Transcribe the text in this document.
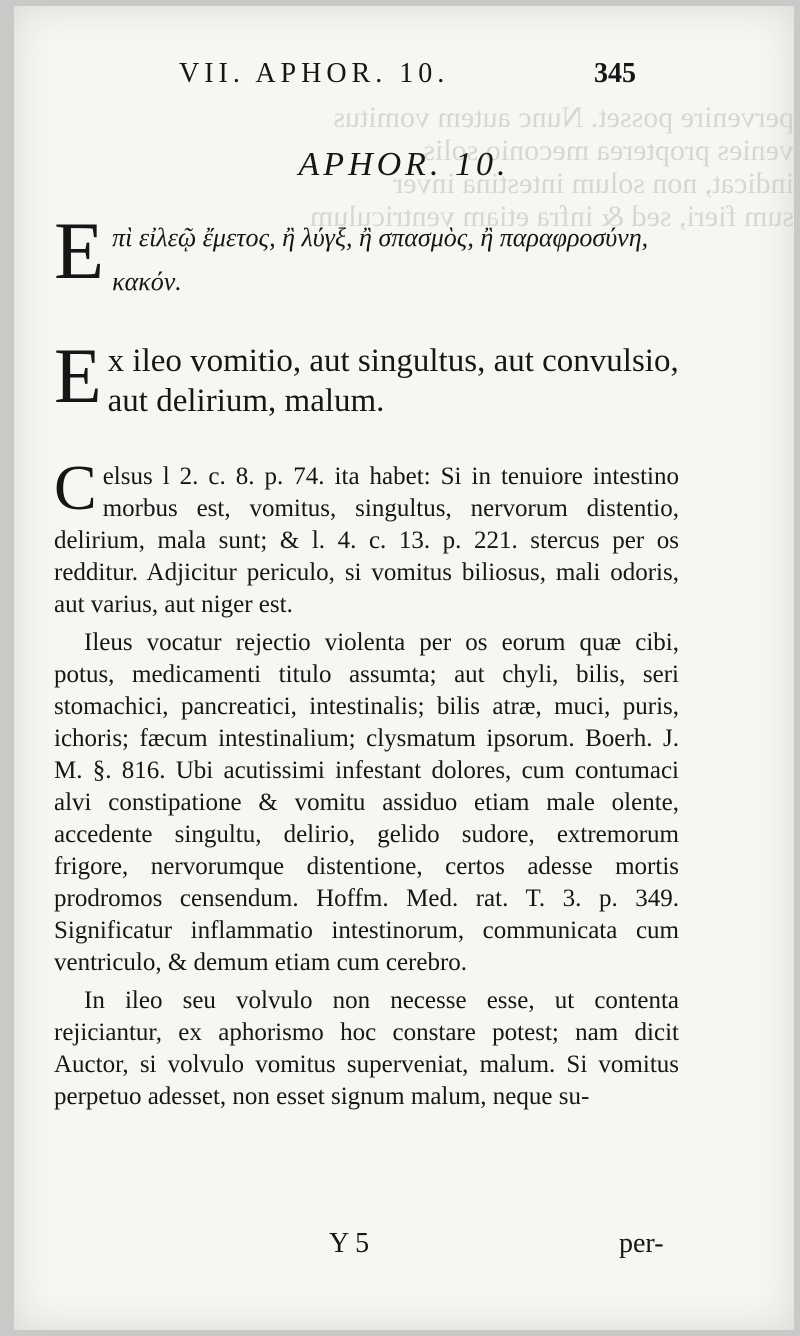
pervenire posset. Nunc autem vomitus
venies propterea meconio solis
indicat, non solum intestina inver
sum fieri, sed & infra etiam ventriculum
VII. APHOR. 10.	345
APHOR. 10.
E πὶ εἰλεῷ ἔμετος, ἢ λύγξ, ἢ σπασμὸς, ἢ παραφροσύνη, κακόν.
E x ileo vomitio, aut singultus, aut convulsio, aut delirium, malum.

C elsus l 2. c. 8. p. 74. ita habet: Si in tenuiore intestino morbus est, vomitus, singultus, nervorum distentio, delirium, mala sunt; & l. 4. c. 13. p. 221. stercus per os redditur. Adjicitur periculo, si vomitus biliosus, mali odoris, aut varius, aut niger est.

Ileus vocatur rejectio violenta per os eorum quæ cibi, potus, medicamenti titulo assumta; aut chyli, bilis, seri stomachici, pancreatici, intestinalis; bilis atræ, muci, puris, ichoris; fæcum intestinalium; clysmatum ipsorum. Boerh. J. M. §. 816. Ubi acutissimi infestant dolores, cum contumaci alvi constipatione & vomitu assiduo etiam male olente, accedente singultu, delirio, gelido sudore, extremorum frigore, nervorumque distentione, certos adesse mortis prodromos censendum. Hoffm. Med. rat. T. 3. p. 349. Significatur inflammatio intestinorum, communicata cum ventriculo, & demum etiam cum cerebro.

In ileo seu volvulo non necesse esse, ut contenta rejiciantur, ex aphorismo hoc constare potest; nam dicit Auctor, si volvulo vomitus superveniat, malum. Si vomitus perpetuo adesset, non esset signum malum, neque su-

Y 5	per-
